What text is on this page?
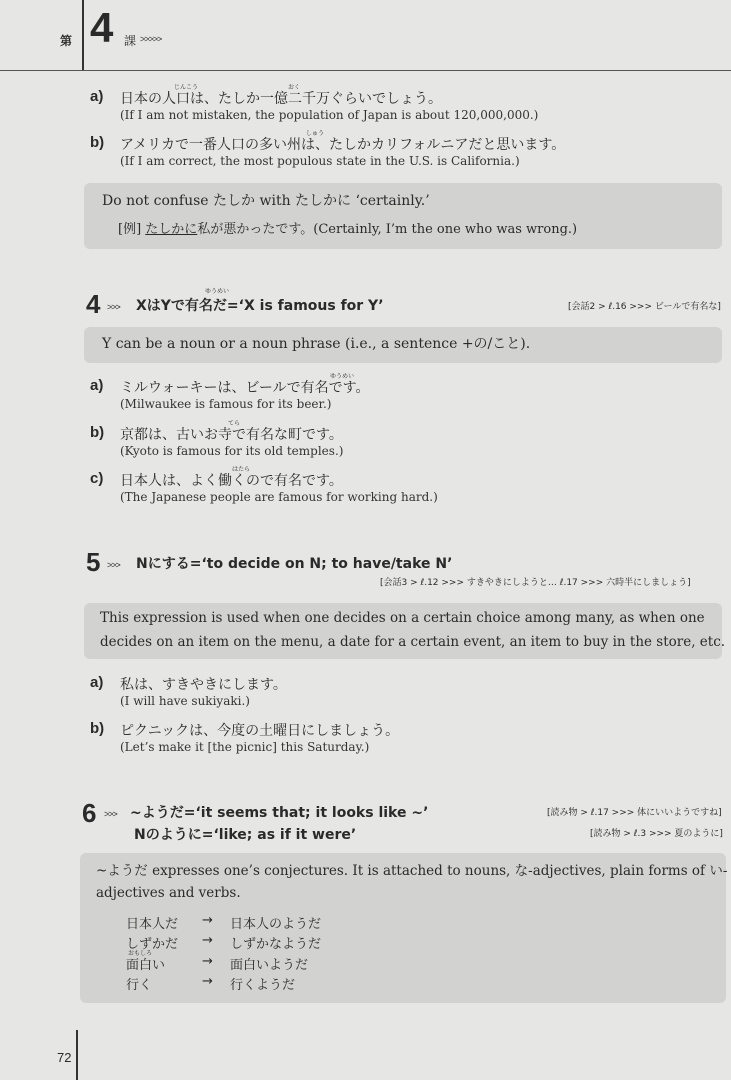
第 4 課 >>>>>
a)
じんこう	おく
日本の人口は、たしか一億二千万ぐらいでしょう。
(If I am not mistaken, the population of Japan is about 120,000,000.)
b)
しゅう
アメリカで一番人口の多い州は、たしかカリフォルニアだと思います。
(If I am correct, the most populous state in the U.S. is California.)
Do not confuse たしか with たしかに ‘certainly.’
[例] たしかに私が悪かったです。(Certainly, I’m the one who was wrong.)
4 >>>
ゆうめい
XはYで有名だ=‘X is famous for Y’	[会話2 > ℓ.16 >>> ビールで有名な]
Y can be a noun or a noun phrase (i.e., a sentence +の/こと).
a)
ゆうめい
ミルウォーキーは、ビールで有名です。
(Milwaukee is famous for its beer.)
b)
てら
京都は、古いお寺で有名な町です。
(Kyoto is famous for its old temples.)
c)
はたら
日本人は、よく働くので有名です。
(The Japanese people are famous for working hard.)
5 >>> Nにする=‘to decide on N; to have/take N’
[会話3 > ℓ.12 >>> すきやきにしようと… ℓ.17 >>> 六時半にしましょう]
This expression is used when one decides on a certain choice among many, as when one
decides on an item on the menu, a date for a certain event, an item to buy in the store, etc.
a) 私は、すきやきにします。
(I will have sukiyaki.)
b) ピクニックは、今度の土曜日にしましょう。
(Let’s make it [the picnic] this Saturday.)
6 >>> ~ようだ=‘it seems that; it looks like ~’
Nのように=‘like; as if it were’
[読み物 > ℓ.17 >>> 体にいいようですね]
[読み物 > ℓ.3 >>> 夏のように]
~ようだ expresses one’s conjectures. It is attached to nouns, な-adjectives, plain forms of い-
adjectives and verbs.
日本人だ → 日本人のようだ
しずかだ → しずかなようだ
おもしろ
面白い	→ 面白いようだ
行く	→ 行くようだ
72
